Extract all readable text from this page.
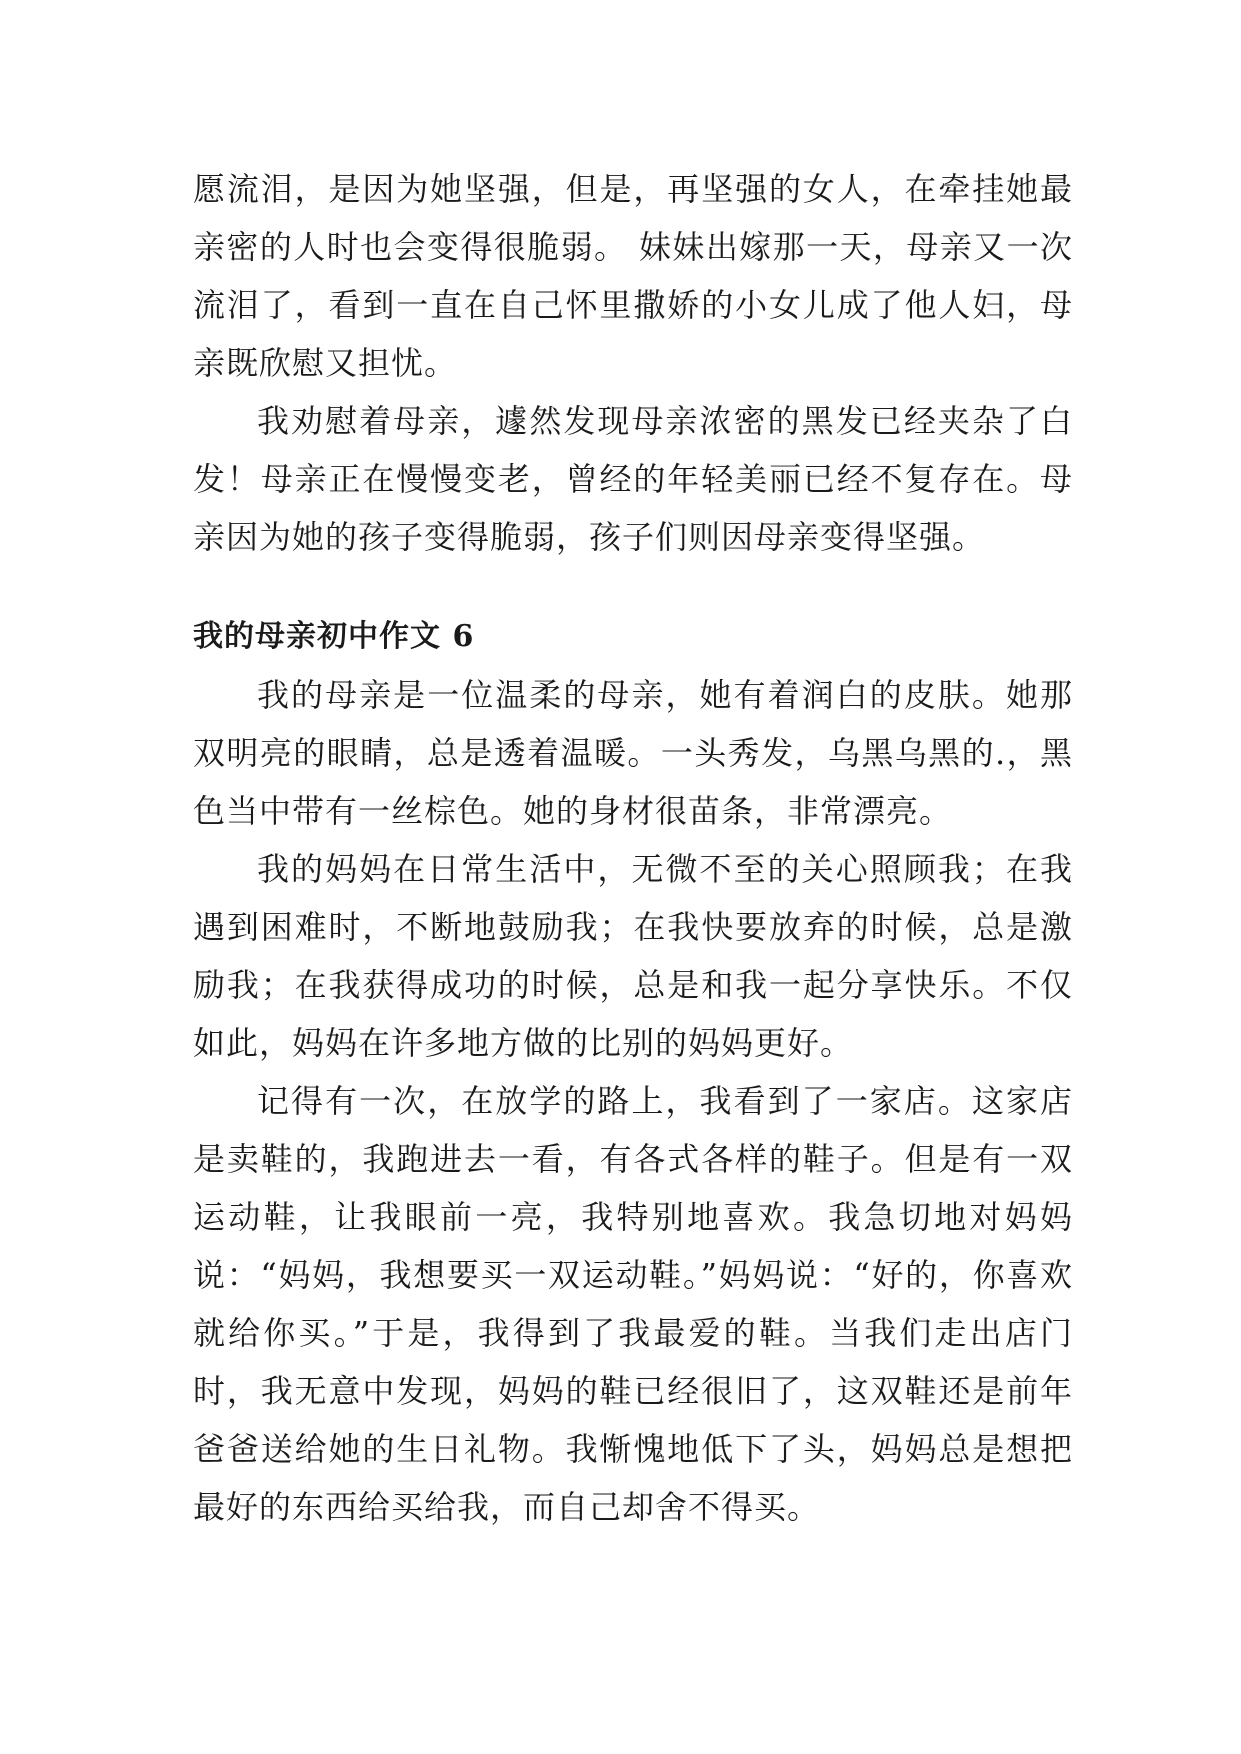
愿流泪，是因为她坚强，但是，再坚强的女人，在牵挂她最亲密的人时也会变得很脆弱。 妹妹出嫁那一天，母亲又一次流泪了，看到一直在自己怀里撒娇的小女儿成了他人妇，母亲既欣慰又担忧。

我劝慰着母亲，遽然发现母亲浓密的黑发已经夹杂了白发！母亲正在慢慢变老，曾经的年轻美丽已经不复存在。母亲因为她的孩子变得脆弱，孩子们则因母亲变得坚强。

我的母亲初中作文 6

我的母亲是一位温柔的母亲，她有着润白的皮肤。她那双明亮的眼睛，总是透着温暖。一头秀发，乌黑乌黑的.，黑色当中带有一丝棕色。她的身材很苗条，非常漂亮。

我的妈妈在日常生活中，无微不至的关心照顾我；在我遇到困难时，不断地鼓励我；在我快要放弃的时候，总是激励我；在我获得成功的时候，总是和我一起分享快乐。不仅如此，妈妈在许多地方做的比别的妈妈更好。

记得有一次，在放学的路上，我看到了一家店。这家店是卖鞋的，我跑进去一看，有各式各样的鞋子。但是有一双运动鞋，让我眼前一亮，我特别地喜欢。我急切地对妈妈说：“妈妈，我想要买一双运动鞋。”妈妈说：“好的，你喜欢就给你买。”于是，我得到了我最爱的鞋。当我们走出店门时，我无意中发现，妈妈的鞋已经很旧了，这双鞋还是前年爸爸送给她的生日礼物。我惭愧地低下了头，妈妈总是想把最好的东西给买给我，而自己却舍不得买。
